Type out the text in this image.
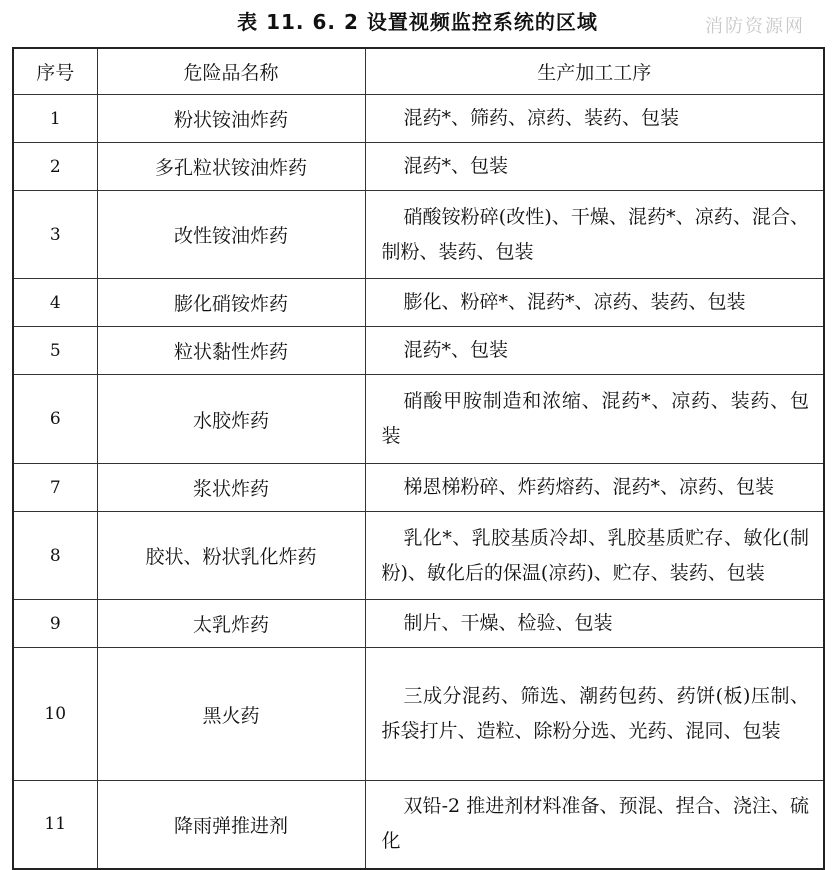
表 11. 6. 2 设置视频监控系统的区域	消防资源网
序号	危险品名称	生产加工工序
1	粉状铵油炸药	混药*、筛药、凉药、装药、包装
2	多孔粒状铵油炸药	混药*、包装
3	改性铵油炸药	硝酸铵粉碎(改性)、干燥、混药*、凉药、混合、制粉、装药、包装
4	膨化硝铵炸药	膨化、粉碎*、混药*、凉药、装药、包装
5	粒状黏性炸药	混药*、包装
6	水胶炸药	硝酸甲胺制造和浓缩、混药*、凉药、装药、包装
7	浆状炸药	梯恩梯粉碎、炸药熔药、混药*、凉药、包装
8	胶状、粉状乳化炸药	乳化*、乳胶基质冷却、乳胶基质贮存、敏化(制粉)、敏化后的保温(凉药)、贮存、装药、包装
9	太乳炸药	制片、干燥、检验、包装
10	黑火药	三成分混药、筛选、潮药包药、药饼(板)压制、拆袋打片、造粒、除粉分选、光药、混同、包装
11	降雨弹推进剂	双铅-2 推进剂材料准备、预混、捏合、浇注、硫化
